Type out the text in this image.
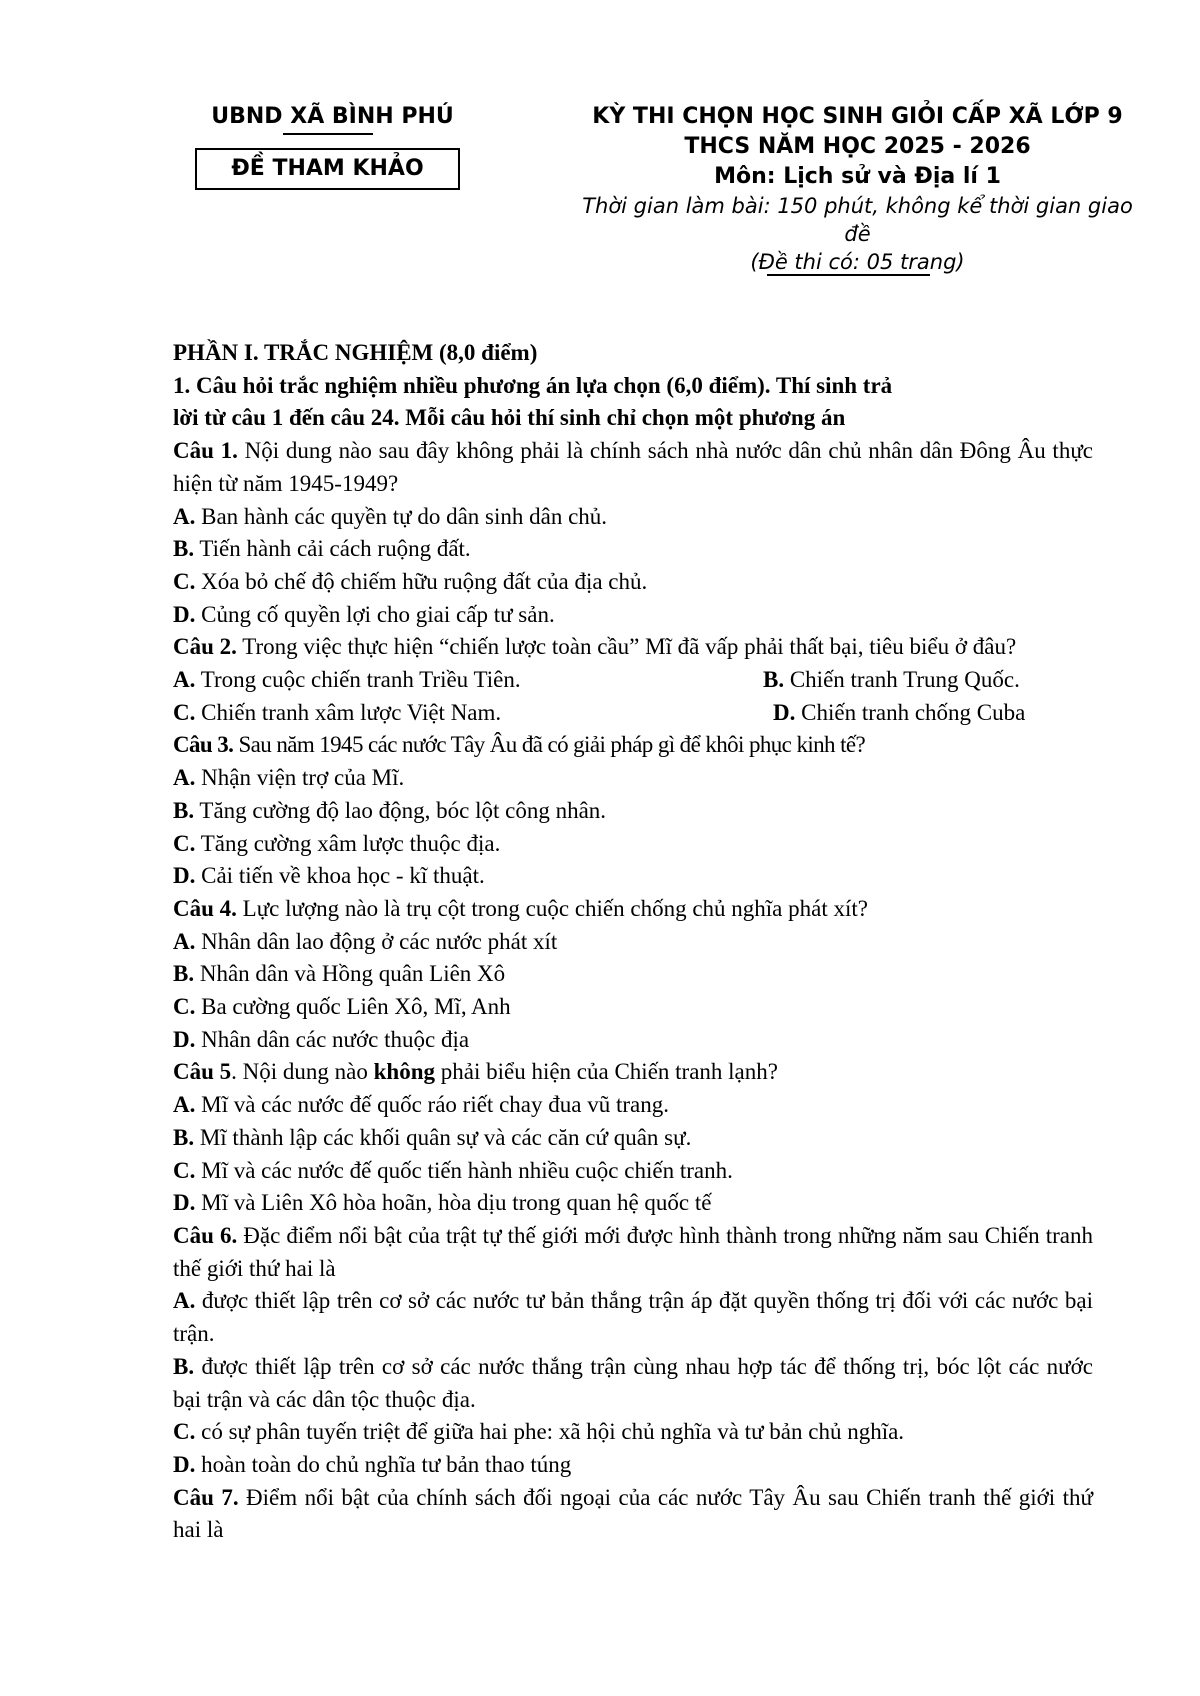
UBND XÃ BÌNH PHÚ
ĐỀ THAM KHẢO
KỲ THI CHỌN HỌC SINH GIỎI CẤP XÃ LỚP 9
THCS NĂM HỌC 2025 - 2026
Môn: Lịch sử và Địa lí 1
Thời gian làm bài: 150 phút, không kể thời gian giao
đề
(Đề thi có: 05 trang)

PHẦN I. TRẮC NGHIỆM (8,0 điểm)

1. Câu hỏi trắc nghiệm nhiều phương án lựa chọn (6,0 điểm). Thí sinh trả

lời từ câu 1 đến câu 24. Mỗi câu hỏi thí sinh chỉ chọn một phương án

Câu 1. Nội dung nào sau đây không phải là chính sách nhà nước dân chủ nhân dân Đông Âu thực hiện từ năm 1945-1949?

A. Ban hành các quyền tự do dân sinh dân chủ.

B. Tiến hành cải cách ruộng đất.

C. Xóa bỏ chế độ chiếm hữu ruộng đất của địa chủ.

D. Củng cố quyền lợi cho giai cấp tư sản.

Câu 2. Trong việc thực hiện “chiến lược toàn cầu” Mĩ đã vấp phải thất bại, tiêu biểu ở đâu?

A. Trong cuộc chiến tranh Triều Tiên.	B. Chiến tranh Trung Quốc.

C. Chiến tranh xâm lược Việt Nam.	D. Chiến tranh chống Cuba

Câu 3. Sau năm 1945 các nước Tây Âu đã có giải pháp gì để khôi phục kinh tế?

A. Nhận viện trợ của Mĩ.

B. Tăng cường độ lao động, bóc lột công nhân.

C. Tăng cường xâm lược thuộc địa.

D. Cải tiến về khoa học - kĩ thuật.

Câu 4. Lực lượng nào là trụ cột trong cuộc chiến chống chủ nghĩa phát xít?

A. Nhân dân lao động ở các nước phát xít

B. Nhân dân và Hồng quân Liên Xô

C. Ba cường quốc Liên Xô, Mĩ, Anh

D. Nhân dân các nước thuộc địa

Câu 5. Nội dung nào không phải biểu hiện của Chiến tranh lạnh?

A. Mĩ và các nước đế quốc ráo riết chay đua vũ trang.

B. Mĩ thành lập các khối quân sự và các căn cứ quân sự.

C. Mĩ và các nước đế quốc tiến hành nhiều cuộc chiến tranh.

D. Mĩ và Liên Xô hòa hoãn, hòa dịu trong quan hệ quốc tế

Câu 6. Đặc điểm nổi bật của trật tự thế giới mới được hình thành trong những năm sau Chiến tranh thế giới thứ hai là

A. được thiết lập trên cơ sở các nước tư bản thắng trận áp đặt quyền thống trị đối với các nước bại trận.

B. được thiết lập trên cơ sở các nước thắng trận cùng nhau hợp tác để thống trị, bóc lột các nước bại trận và các dân tộc thuộc địa.

C. có sự phân tuyến triệt để giữa hai phe: xã hội chủ nghĩa và tư bản chủ nghĩa.

D. hoàn toàn do chủ nghĩa tư bản thao túng

Câu 7. Điểm nổi bật của chính sách đối ngoại của các nước Tây Âu sau Chiến tranh thế giới thứ hai là
